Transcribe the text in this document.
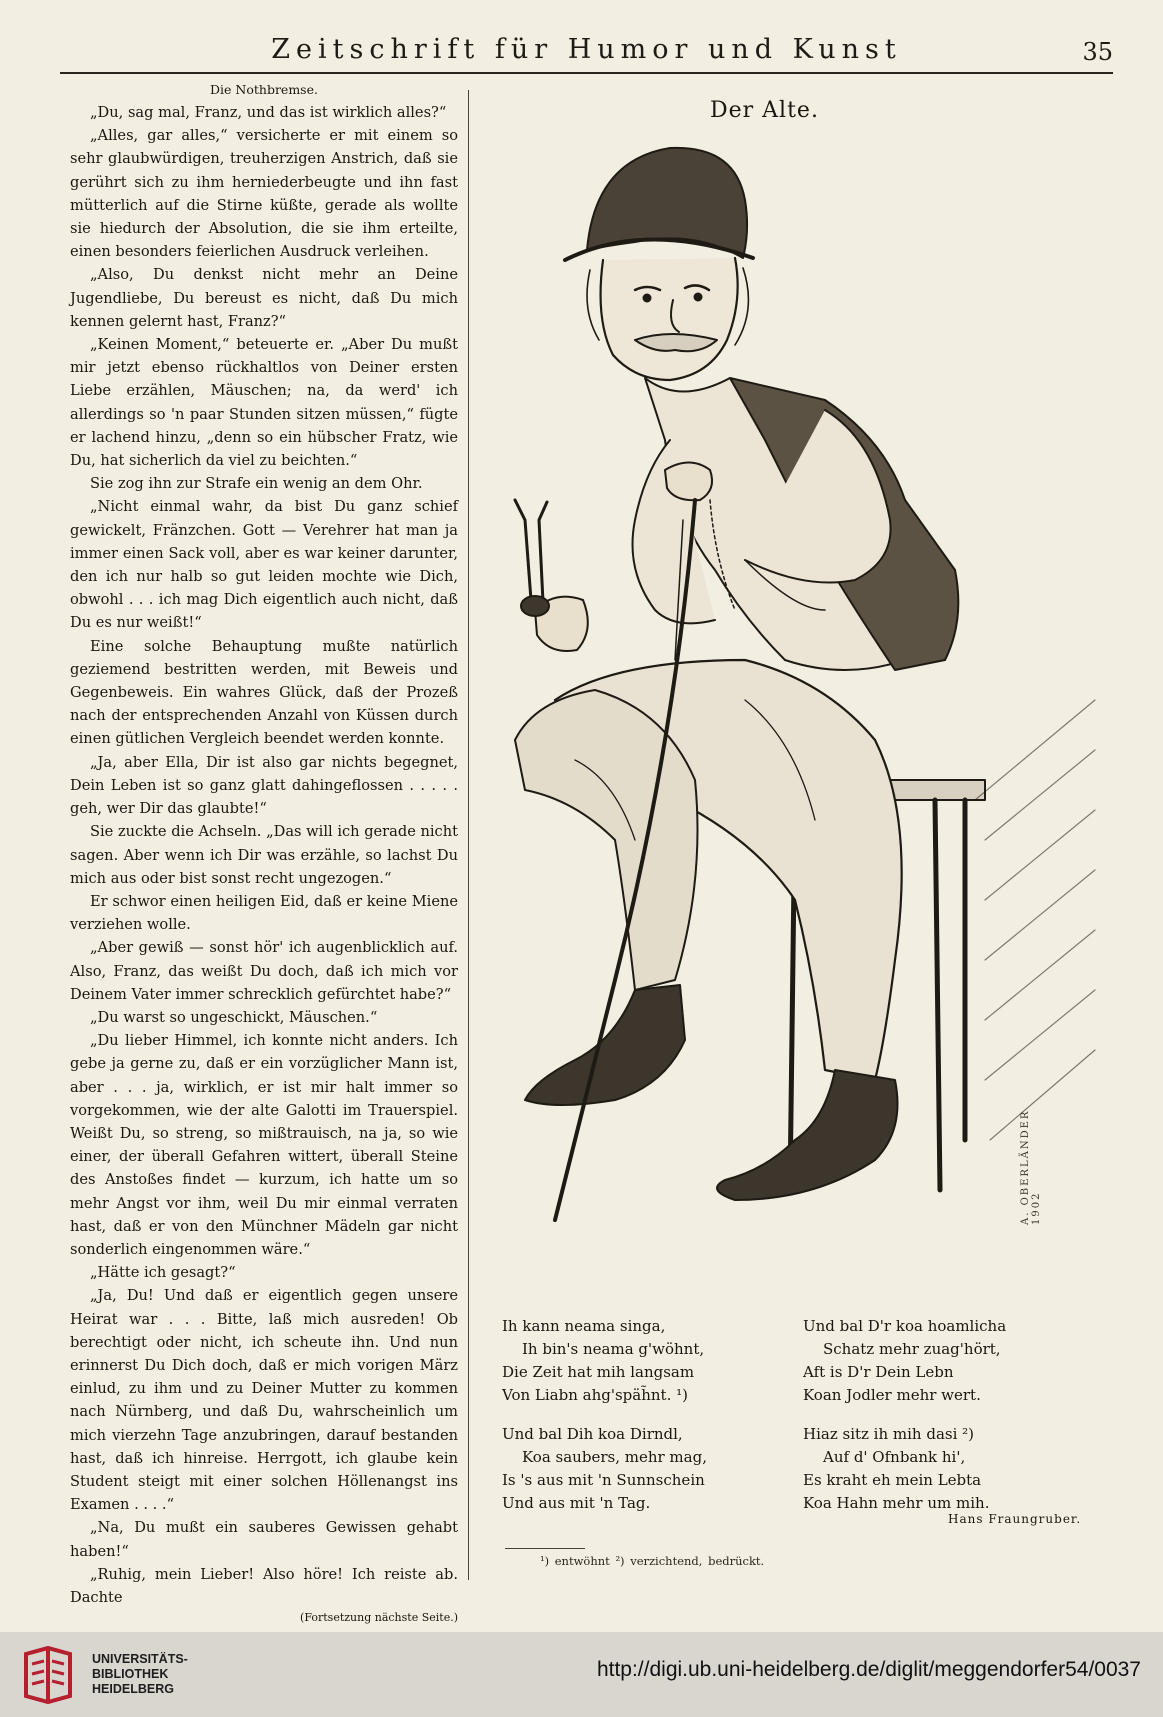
Zeitschrift für Humor und Kunst	35
Die Nothbremse.

„Du, sag mal, Franz, und das ist wirklich alles?“

„Alles, gar alles,“ versicherte er mit einem so sehr glaubwürdigen, treuherzigen Anstrich, daß sie gerührt sich zu ihm herniederbeugte und ihn fast mütterlich auf die Stirne küßte, gerade als wollte sie hiedurch der Absolution, die sie ihm erteilte, einen besonders feierlichen Ausdruck verleihen.

„Also, Du denkst nicht mehr an Deine Jugendliebe, Du bereust es nicht, daß Du mich kennen gelernt hast, Franz?“

„Keinen Moment,“ beteuerte er. „Aber Du mußt mir jetzt ebenso rückhaltlos von Deiner ersten Liebe erzählen, Mäuschen; na, da werd' ich allerdings so 'n paar Stunden sitzen müssen,“ fügte er lachend hinzu, „denn so ein hübscher Fratz, wie Du, hat sicherlich da viel zu beichten.“

Sie zog ihn zur Strafe ein wenig an dem Ohr.

„Nicht einmal wahr, da bist Du ganz schief gewickelt, Fränzchen. Gott — Verehrer hat man ja immer einen Sack voll, aber es war keiner darunter, den ich nur halb so gut leiden mochte wie Dich, obwohl . . . ich mag Dich eigentlich auch nicht, daß Du es nur weißt!“

Eine solche Behauptung mußte natürlich geziemend bestritten werden, mit Beweis und Gegenbeweis. Ein wahres Glück, daß der Prozeß nach der entsprechenden Anzahl von Küssen durch einen gütlichen Vergleich beendet werden konnte.

„Ja, aber Ella, Dir ist also gar nichts begegnet, Dein Leben ist so ganz glatt dahingeflossen . . . . . geh, wer Dir das glaubte!“

Sie zuckte die Achseln. „Das will ich gerade nicht sagen. Aber wenn ich Dir was erzähle, so lachst Du mich aus oder bist sonst recht ungezogen.“

Er schwor einen heiligen Eid, daß er keine Miene verziehen wolle.

„Aber gewiß — sonst hör' ich augenblicklich auf. Also, Franz, das weißt Du doch, daß ich mich vor Deinem Vater immer schrecklich gefürchtet habe?“

„Du warst so ungeschickt, Mäuschen.“

„Du lieber Himmel, ich konnte nicht anders. Ich gebe ja gerne zu, daß er ein vorzüglicher Mann ist, aber . . . ja, wirklich, er ist mir halt immer so vorgekommen, wie der alte Galotti im Trauerspiel. Weißt Du, so streng, so mißtrauisch, na ja, so wie einer, der überall Gefahren wittert, überall Steine des Anstoßes findet — kurzum, ich hatte um so mehr Angst vor ihm, weil Du mir einmal verraten hast, daß er von den Münchner Mädeln gar nicht sonderlich eingenommen wäre.“

„Hätte ich gesagt?“

„Ja, Du! Und daß er eigentlich gegen unsere Heirat war . . . Bitte, laß mich ausreden! Ob berechtigt oder nicht, ich scheute ihn. Und nun erinnerst Du Dich doch, daß er mich vorigen März einlud, zu ihm und zu Deiner Mutter zu kommen nach Nürnberg, und daß Du, wahrscheinlich um mich vierzehn Tage anzubringen, darauf bestanden hast, daß ich hinreise. Herrgott, ich glaube kein Student steigt mit einer solchen Höllenangst ins Examen . . . .“

„Na, Du mußt ein sauberes Gewissen gehabt haben!“

„Ruhig, mein Lieber! Also höre! Ich reiste ab. Dachte

(Fortsetzung nächste Seite.)
Der Alte.
A. OBERLÄNDER 1902
Ih kann neama singa,
Ih bin's neama g'wöhnt,
Die Zeit hat mih langsam
Von Liabn ahg'späh̃nt. ¹)
Und bal Dih koa Dirndl,
Koa saubers, mehr mag,
Is 's aus mit 'n Sunnschein
Und aus mit 'n Tag.
Und bal D'r koa hoamlicha
Schatz mehr zuag'hört,
Aft is D'r Dein Lebn
Koan Jodler mehr wert.
Hiaz sitz ih mih dasi ²)
Auf d' Ofnbank hi',
Es kraht eh mein Lebta
Koa Hahn mehr um mih.
Hans Fraungruber.
¹) entwöhnt ²) verzichtend, bedrückt.
UNIVERSITÄTS-
BIBLIOTHEK
HEIDELBERG
http://digi.ub.uni-heidelberg.de/diglit/meggendorfer54/0037
